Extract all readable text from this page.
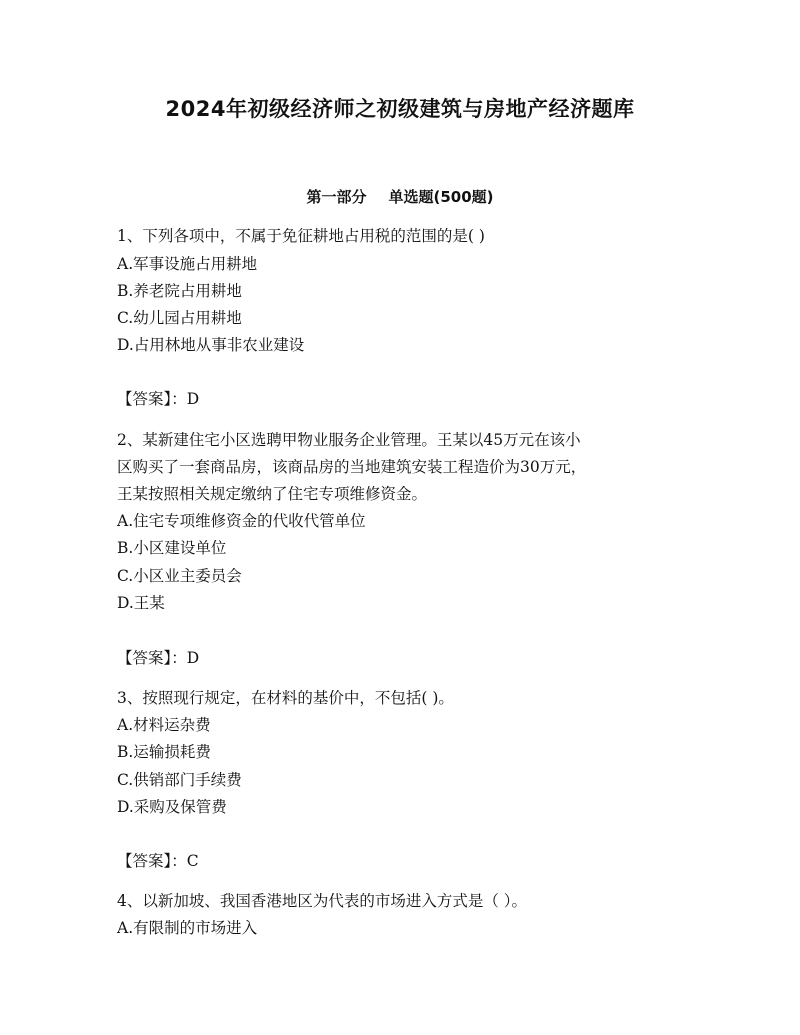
2024年初级经济师之初级建筑与房地产经济题库
第一部分 单选题(500题)
1、下列各项中，不属于免征耕地占用税的范围的是( )
A.军事设施占用耕地
B.养老院占用耕地
C.幼儿园占用耕地
D.占用林地从事非农业建设
【答案】：D
2、某新建住宅小区选聘甲物业服务企业管理。王某以45万元在该小
区购买了一套商品房，该商品房的当地建筑安装工程造价为30万元，
王某按照相关规定缴纳了住宅专项维修资金。
A.住宅专项维修资金的代收代管单位
B.小区建设单位
C.小区业主委员会
D.王某
【答案】：D
3、按照现行规定，在材料的基价中，不包括( )。
A.材料运杂费
B.运输损耗费
C.供销部门手续费
D.采购及保管费
【答案】：C
4、以新加坡、我国香港地区为代表的市场进入方式是（ ）。
A.有限制的市场进入
